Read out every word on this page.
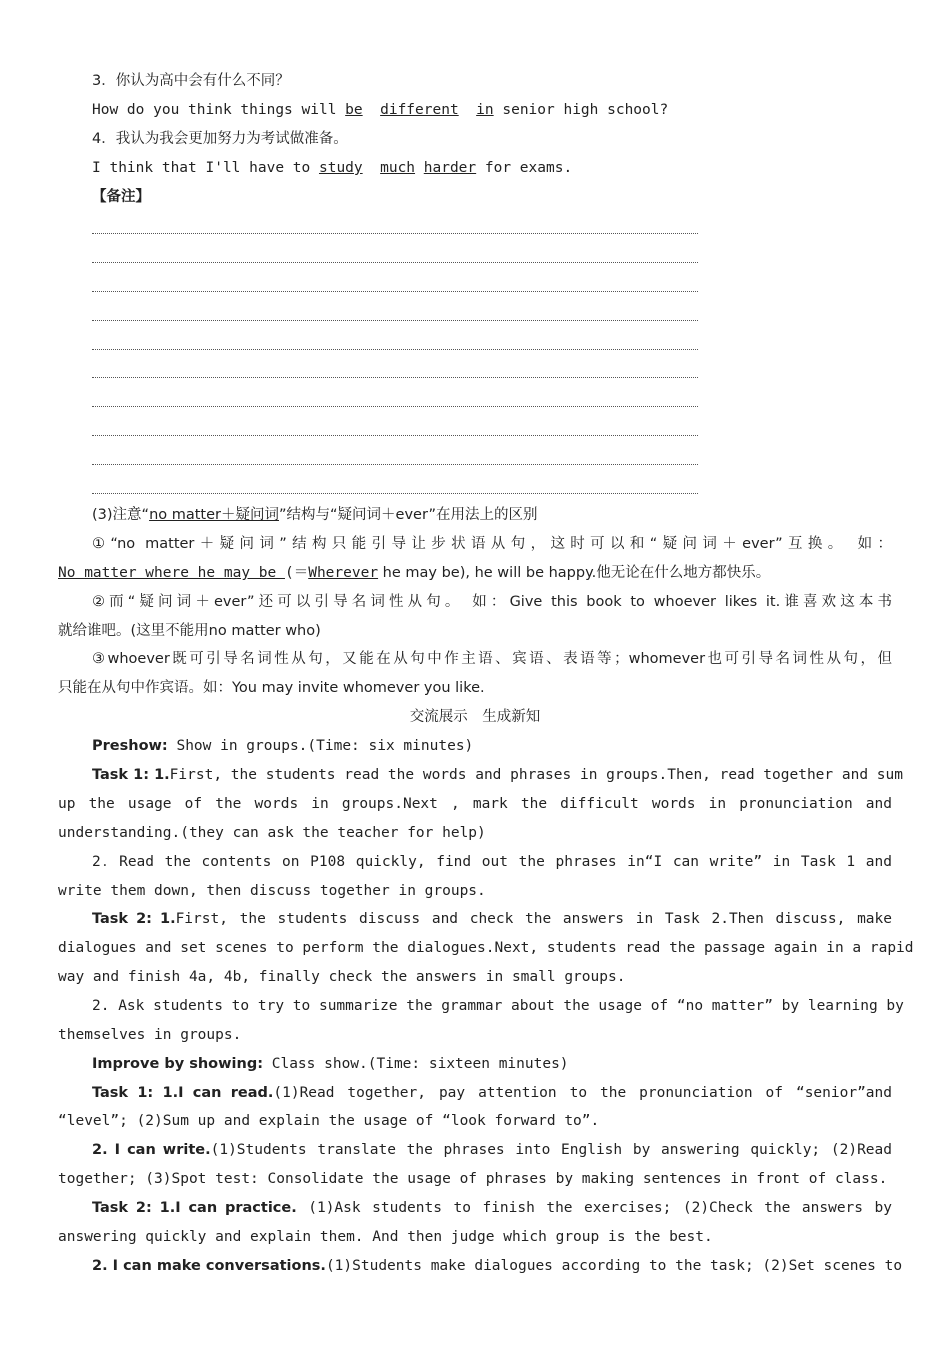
3．你认为高中会有什么不同？
How do you think things will be different in senior high school?
4．我认为我会更加努力为考试做准备。
I think that I'll have to study much harder for exams.
【备注】
(3)注意“no matter＋疑问词”结构与“疑问词＋ever”在用法上的区别
①“no matter＋疑问词”结构只能引导让步状语从句，这时可以和“疑问词＋ever”互换。 如：
No matter where he may be (＝Wherever he may be), he will be happy.他无论在什么地方都快乐。
②而“疑问词＋ever”还可以引导名词性从句。 如：Give this book to whoever likes it.谁喜欢这本书
就给谁吧。(这里不能用no matter who)
③whoever既可引导名词性从句，又能在从句中作主语、宾语、表语等；whomever也可引导名词性从句，但
只能在从句中作宾语。如：You may invite whomever you like.
交流展示　生成新知
Preshow: Show in groups.(Time: six minutes)
Task 1: 1.First, the students read the words and phrases in groups.Then, read together and sum
up the usage of the words in groups.Next , mark the difficult words in pronunciation and
understanding.(they can ask the teacher for help)
2．Read the contents on P108 quickly, find out the phrases in“I can write” in Task 1 and
write them down, then discuss together in groups.
Task 2: 1.First, the students discuss and check the answers in Task 2.Then discuss, make
dialogues and set scenes to perform the dialogues.Next, students read the passage again in a rapid
way and finish 4a, 4b, finally check the answers in small groups.
2. Ask students to try to summarize the grammar about the usage of “no matter” by learning by
themselves in groups.
Improve by showing: Class show.(Time: sixteen minutes)
Task 1: 1.I can read.(1)Read together, pay attention to the pronunciation of “senior”and
“level”; (2)Sum up and explain the usage of “look forward to”.
2. I can write.(1)Students translate the phrases into English by answering quickly; (2)Read
together; (3)Spot test: Consolidate the usage of phrases by making sentences in front of class.
Task 2: 1.I can practice. (1)Ask students to finish the exercises; (2)Check the answers by
answering quickly and explain them. And then judge which group is the best.
2. I can make conversations.(1)Students make dialogues according to the task; (2)Set scenes to
